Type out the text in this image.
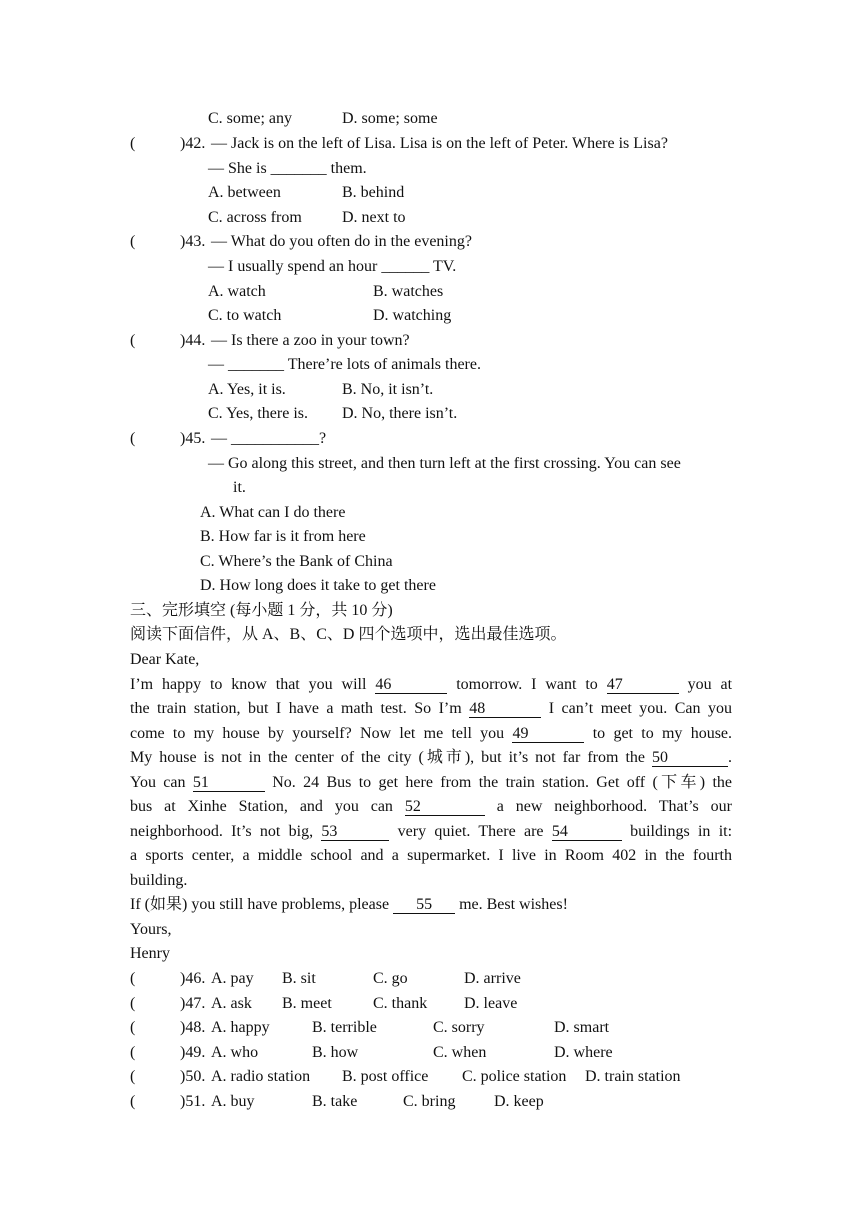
C. some; any	D. some; some
(	)42. — Jack is on the left of Lisa. Lisa is on the left of Peter. Where is Lisa?
— She is _______ them.
A. between	B. behind
C. across from	D. next to
(	)43. — What do you often do in the evening?
— I usually spend an hour ______ TV.
A. watch	B. watches
C. to watch	D. watching
(	)44. — Is there a zoo in your town?
— _______ There’re lots of animals there.
A. Yes, it is.	B. No, it isn’t.
C. Yes, there is. D. No, there isn’t.
(	)45. — ___________?
— Go along this street, and then turn left at the first crossing. You can see
it.
A. What can I do there
B. How far is it from here
C. Where’s the Bank of China
D. How long does it take to get there
三、完形填空 (每小题 1 分，共 10 分)
阅读下面信件，从 A、B、C、D 四个选项中，选出最佳选项。
Dear Kate,
I’m happy to know that you will 46	tomorrow. I want to 47	you at
the train station, but I have a math test. So I’m 48	I can’t meet you. Can you
come to my house by yourself? Now let me tell you 49	to get to my house.
My house is not in the center of the city (城市), but it’s not far from the 50	.
You can 51	No. 24 Bus to get here from the train station. Get off (下车) the
bus at Xinhe Station, and you can 52	a new neighborhood. That’s our
neighborhood. It’s not big, 53	very quiet. There are 54	buildings in it:
a sports center, a middle school and a supermarket. I live in Room 402 in the fourth
building.
If (如果) you still have problems, please 55 me. Best wishes!
Yours,
Henry
(	)46. A. pay B. sit	C. go	D. arrive
(	)47. A. ask B. meet	C. thank D. leave
(	)48. A. happy	B. terrible	C. sorry	D. smart
(	)49. A. who	B. how	C. when	D. where
(	)50. A. radio station B. post office C. police station D. train station
(	)51. A. buy	B. take	C. bring D. keep
